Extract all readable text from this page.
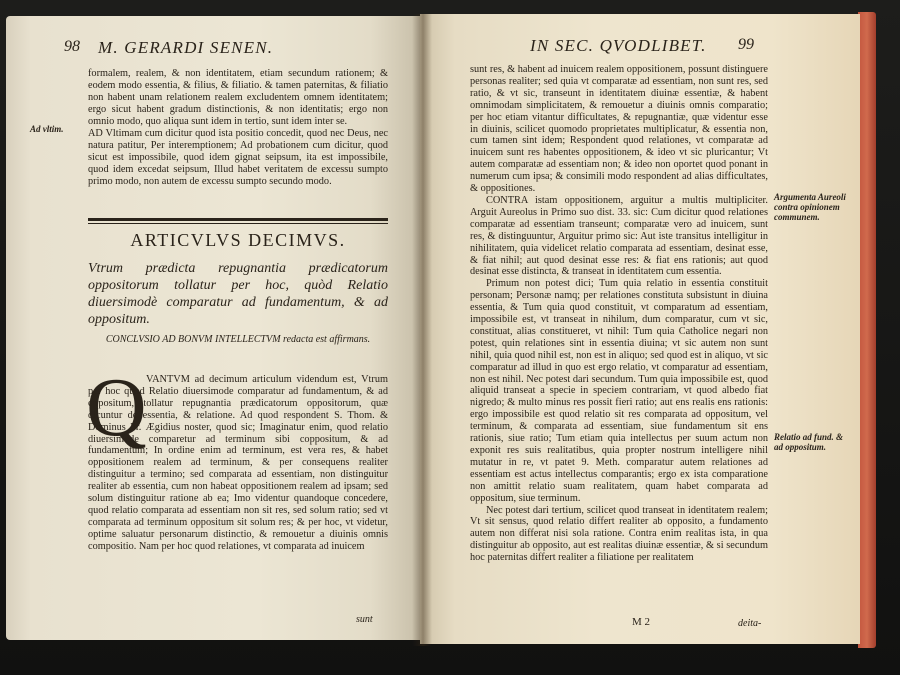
98 M. GERARDI SENEN.

formalem, realem, & non identitatem, etiam secundum rationem; & eodem modo essentia, & filius, & filiatio. & tamen paternitas, & filiatio non habent unam relationem realem excludentem omnem identitatem; ergo sicut habent gradum distinctionis, & non identitatis; ergo non omnio modo, quo aliqua sunt idem in tertio, sunt idem inter se.

Ad vltim.	AD Vltimam cum dicitur quod ista positio concedit, quod nec Deus, nec natura patitur, Per interemptionem; Ad probationem cum dicitur, quod sicut est impossibile, quod idem gignat seipsum, ita est impossibile, quod idem excedat seipsum, Illud habet veritatem de excessu sumpto primo modo, non autem de excessu sumpto secundo modo.

ARTICVLVS DECIMVS.
Vtrum prædicta repugnantia prædicatorum oppositorum tollatur per hoc, quòd Relatio diuersimodè comparatur ad fundamentum, & ad oppositum.
CONCLVSIO AD BONVM INTELLECTVM redacta est affirmans.
Q VANTVM ad decimum articulum videndum est, Vtrum per hoc quod Relatio diuersimode comparatur ad fundamentum, & ad oppositum, tollatur repugnantia prædicatorum oppositorum, quæ dicuntur de essentia, & relatione. Ad quod respondent S. Thom. & Dominus Fr. Ægidius noster, quod sic; Imaginatur enim, quod relatio diuersimode comparetur ad terminum sibi coppositum, & ad fundamentum; In ordine enim ad terminum, est vera res, & habet oppositionem realem ad terminum, & per consequens realiter distinguitur a termino; sed comparata ad essentiam, non distinguitur realiter ab essentia, cum non habeat oppositionem realem ad ipsam; sed solum distinguitur ratione ab ea; Imo videntur quandoque concedere, quod relatio comparata ad essentiam non sit res, sed solum ratio; sed vt comparata ad terminum oppositum sit solum res; & per hoc, vt videtur, optime saluatur personarum distinctio, & remouetur a diuinis omnis compositio. Nam per hoc quod relationes, vt comparata ad inuicem

sunt
IN SEC. QVODLIBET. 99

sunt res, & habent ad inuicem realem oppositionem, possunt distinguere personas realiter; sed quia vt comparatæ ad essentiam, non sunt res, sed ratio, & vt sic, transeunt in identitatem diuinæ essentiæ, & habent omnimodam simplicitatem, & remouetur a diuinis omnis comparatio; per hoc etiam vitantur difficultates, & repugnantiæ, quæ videntur esse in diuinis, scilicet quomodo proprietates multiplicatur, & essentia non, cum tamen sint idem; Respondent quod relationes, vt comparatæ ad inuicem sunt res habentes oppositionem, & ideo vt sic pluricantur; Vt autem comparatæ ad essentiam non; & ideo non oportet quod ponant in numerum cum ipsa; & consimili modo respondent ad alias difficultates, & oppositiones.

CONTRA istam oppositionem, arguitur a multis multipliciter. Arguit Aureolus in Primo suo dist. 33. sic: Cum dicitur quod relationes comparatæ ad essentiam transeunt; comparatæ vero ad inuicem, sunt res, & distinguuntur, Arguitur primo sic: Aut iste transitus intelligitur in nihilitatem, quia videlicet relatio comparata ad essentiam, desinat esse, & fiat nihil; aut quod desinat esse res: & fiat ens rationis; aut quod desinat esse distincta, & transeat in identitatem cum essentia.

Primum non potest dici; Tum quia relatio in essentia constituit personam; Personæ namq; per relationes constituta subsistunt in diuina essentia, & Tum quia quod constituit, vt comparatum ad essentiam, impossibile est, vt transeat in nihilum, dum comparatur, cum vt sic, constituat, alias constitueret, vt nihil: Tum quia Catholice negari non potest, quin relationes sint in essentia diuina; vt sic autem non sunt nihil, quia quod nihil est, non est in aliquo; sed quod est in aliquo, vt sic comparatur ad illud in quo est ergo relatio, vt comparatur ad essentiam, non est nihil. Nec potest dari secundum. Tum quia impossibile est, quod aliquid transeat a specie in speciem contrariam, vt quod albedo fiat nigredo; & multo minus res possit fieri ratio; aut ens realis ens rationis: ergo impossibile est quod relatio sit res comparata ad oppositum, vel terminum, & comparata ad essentiam, siue fundamentum sit ens rationis, siue ratio; Tum etiam quia intellectus per suum actum non exponit res suis realitatibus, quia propter nostrum intelligere nihil mutatur in re, vt patet 9. Meth. comparatur autem relationes ad essentiam est actus intellectus comparantis; ergo ex ista comparatione non amittit relatio suam realitatem, quam habet comparata ad oppositum, siue terminum.

Nec potest dari tertium, scilicet quod transeat in identitatem realem; Vt sit sensus, quod relatio differt realiter ab opposito, a fundamento autem non differat nisi sola ratione. Contra enim realitas ista, in qua distinguitur ab opposito, aut est realitas diuinæ essentiæ, & si secundum hoc paternitas differt realiter a filiatione per realitatem

Argumenta Aureoli contra opinionem communem.
Relatio ad fund. & ad oppositum.
M 2	deita-
